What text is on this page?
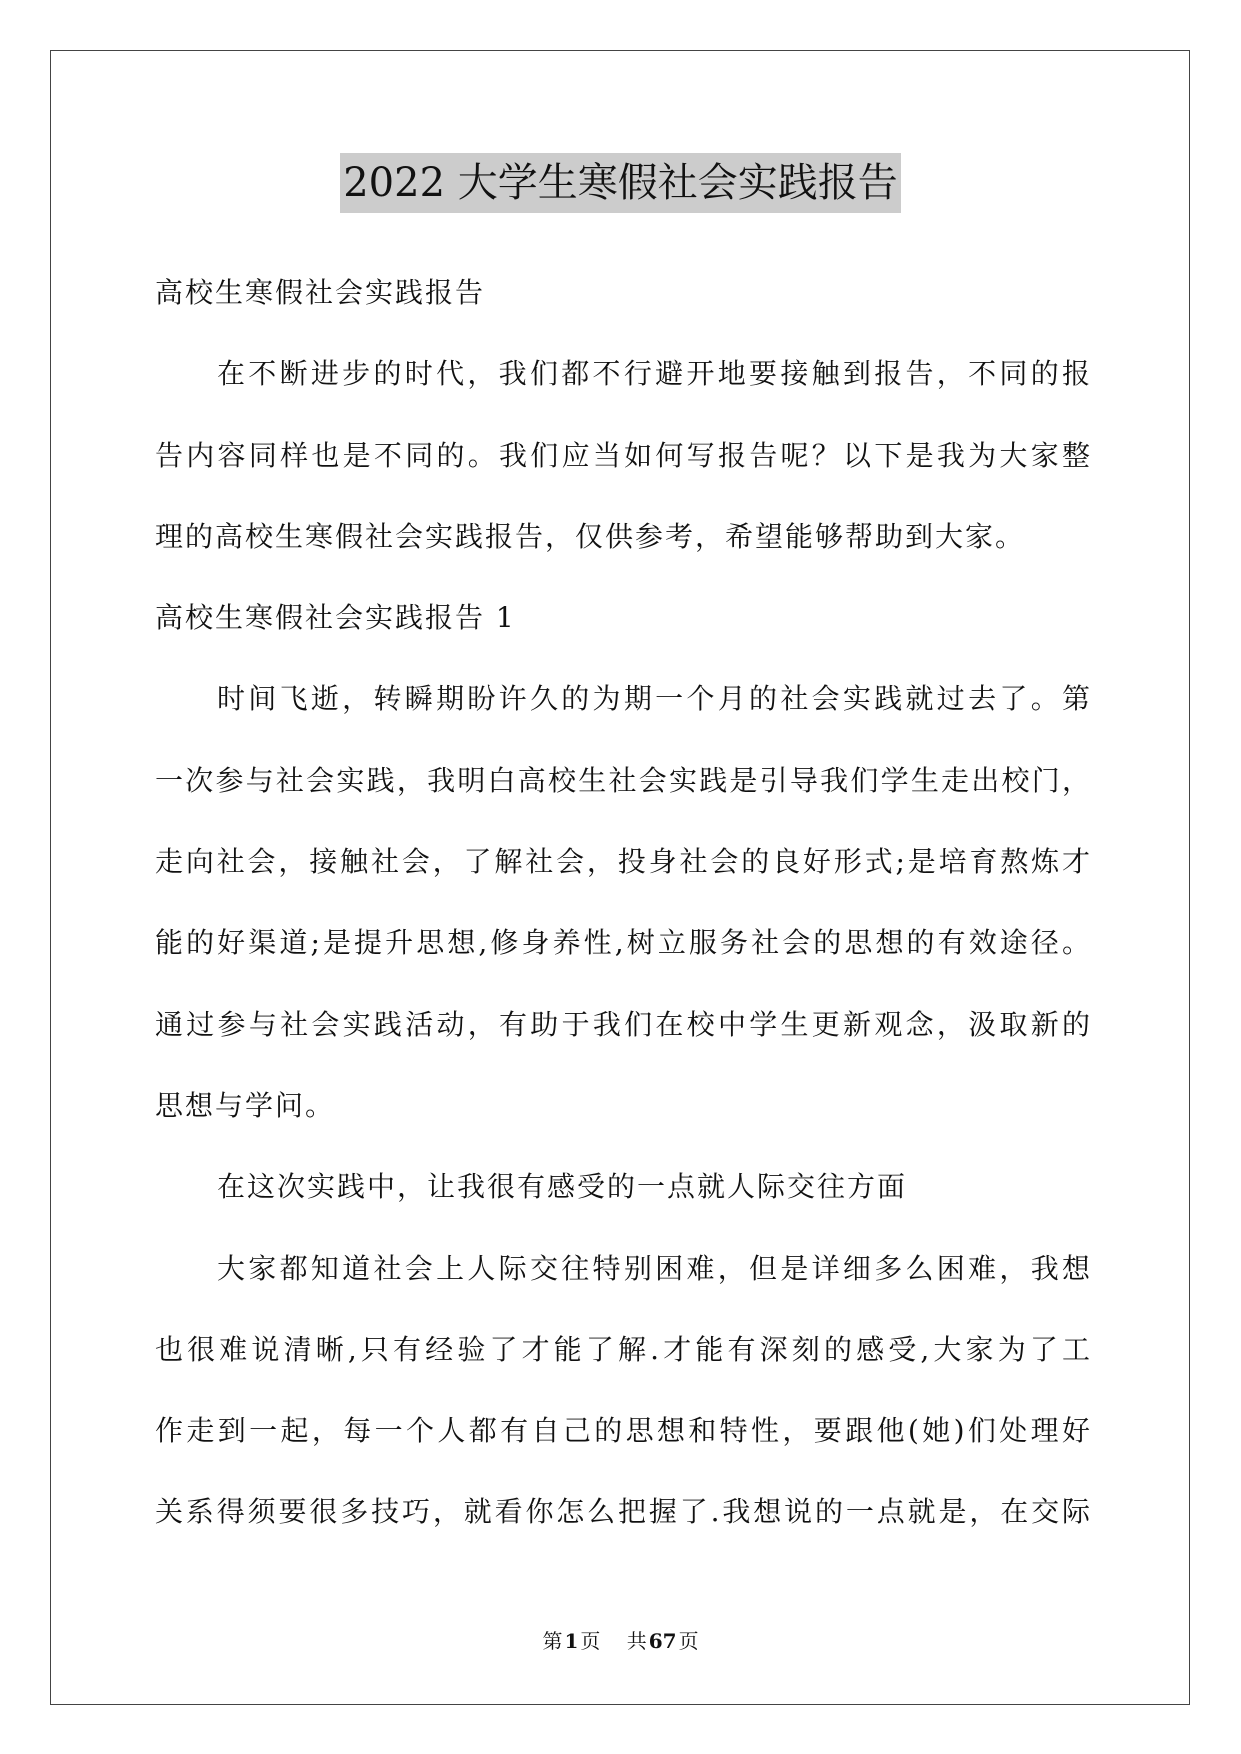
2022 大学生寒假社会实践报告
高校生寒假社会实践报告
在不断进步的时代，我们都不行避开地要接触到报告，不同的报
告内容同样也是不同的。我们应当如何写报告呢？以下是我为大家整
理的高校生寒假社会实践报告，仅供参考，希望能够帮助到大家。
高校生寒假社会实践报告 1
时间飞逝，转瞬期盼许久的为期一个月的社会实践就过去了。第
一次参与社会实践，我明白高校生社会实践是引导我们学生走出校门，
走向社会，接触社会，了解社会，投身社会的良好形式;是培育熬炼才
能的好渠道;是提升思想,修身养性,树立服务社会的思想的有效途径。
通过参与社会实践活动，有助于我们在校中学生更新观念，汲取新的
思想与学问。
在这次实践中，让我很有感受的一点就人际交往方面
大家都知道社会上人际交往特别困难，但是详细多么困难，我想
也很难说清晰,只有经验了才能了解.才能有深刻的感受,大家为了工
作走到一起，每一个人都有自己的思想和特性，要跟他(她)们处理好
关系得须要很多技巧，就看你怎么把握了.我想说的一点就是，在交际
第 1 页 共 67 页
